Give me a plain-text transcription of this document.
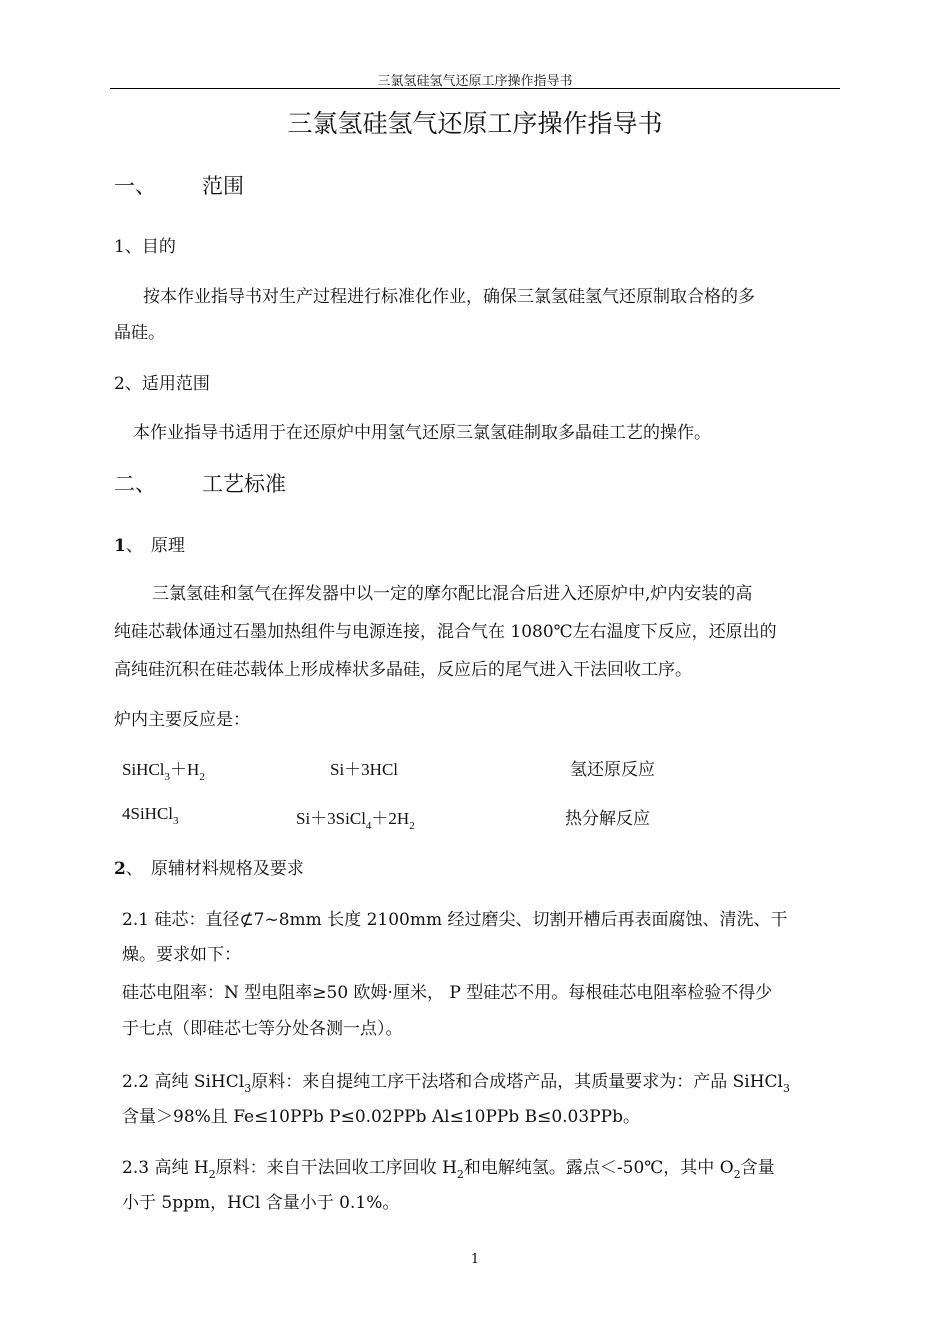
三氯氢硅氢气还原工序操作指导书
三氯氢硅氢气还原工序操作指导书
一、 范围
1、目的
按本作业指导书对生产过程进行标准化作业，确保三氯氢硅氢气还原制取合格的多
晶硅。
2、适用范围
本作业指导书适用于在还原炉中用氢气还原三氯氢硅制取多晶硅工艺的操作。
二、 工艺标准
1、 原理
三氯氢硅和氢气在挥发器中以一定的摩尔配比混合后进入还原炉中,炉内安装的高
纯硅芯载体通过石墨加热组件与电源连接，混合气在 1080℃左右温度下反应，还原出的
高纯硅沉积在硅芯载体上形成棒状多晶硅，反应后的尾气进入干法回收工序。
炉内主要反应是：
$SiHCl_3+H_2$	Si＋3HCl	氢还原反应
4SiHCl$_3$	$Si+3SiCl_4+2H_2$	热分解反应
2、 原辅材料规格及要求
2.1 硅芯：直径⊄7~8mm 长度 2100mm 经过磨尖、切割开槽后再表面腐蚀、清洗、干
燥。要求如下：
硅芯电阻率：N 型电阻率≥50 欧姆·厘米， P 型硅芯不用。每根硅芯电阻率检验不得少
于七点（即硅芯七等分处各测一点）。
2.2 高纯 SiHCl$_3$原料：来自提纯工序干法塔和合成塔产品，其质量要求为：产品 SiHCl$_3$
含量＞98%且 Fe≤10PPb P≤0.02PPb Al≤10PPb B≤0.03PPb。
2.3 高纯 $H_2$原料：来自干法回收工序回收 $H_2$和电解纯氢。露点＜-50℃，其中 $O_2$含量
小于 5ppm，HCl 含量小于 0.1%。
1
